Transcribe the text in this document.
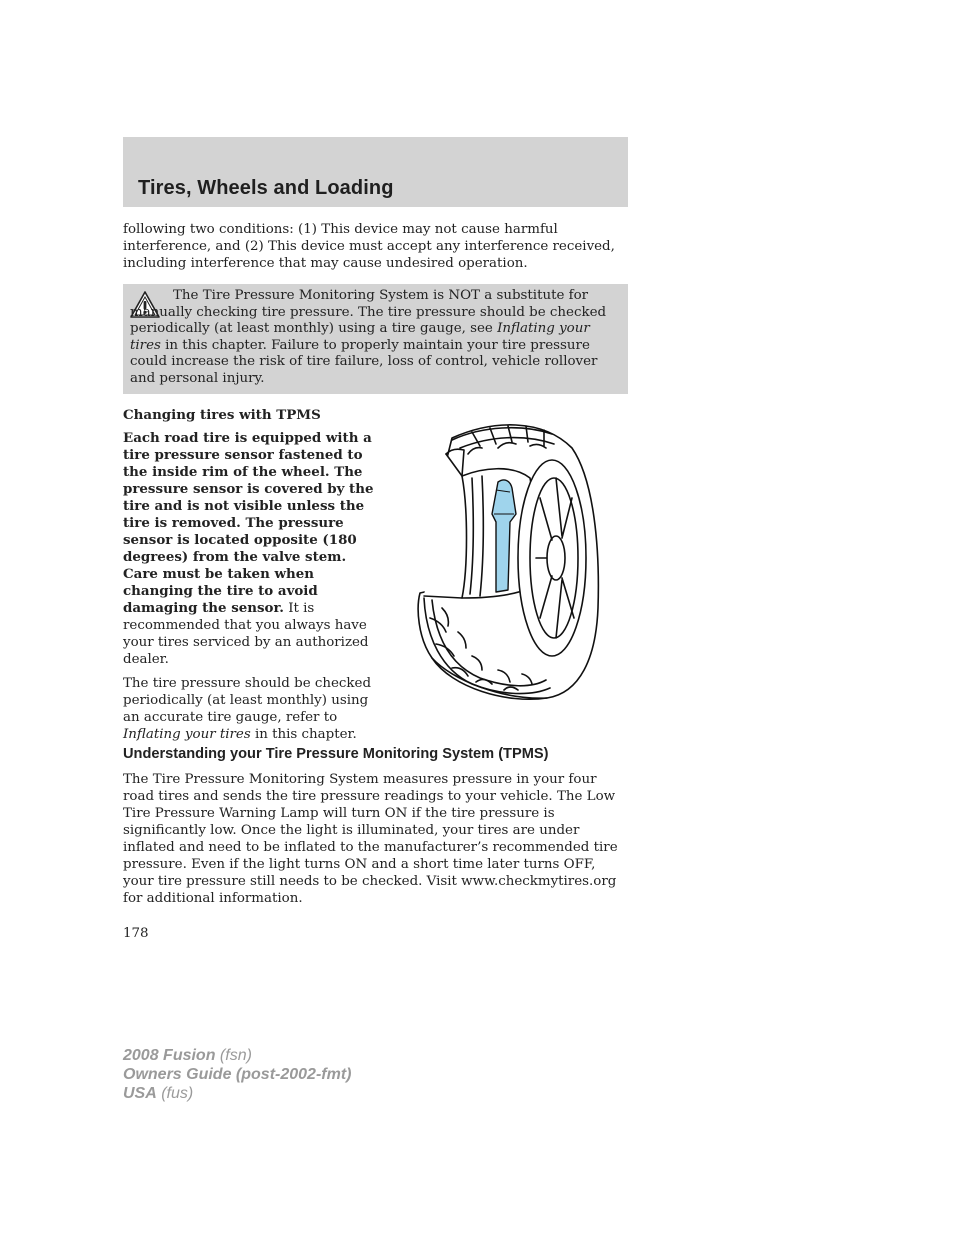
Tires, Wheels and Loading

following two conditions: (1) This device may not cause harmful interference, and (2) This device must accept any interference received, including interference that may cause undesired operation.

The Tire Pressure Monitoring System is NOT a substitute for manually checking tire pressure. The tire pressure should be checked periodically (at least monthly) using a tire gauge, see Inflating your tires in this chapter. Failure to properly maintain your tire pressure could increase the risk of tire failure, loss of control, vehicle rollover and personal injury.

Changing tires with TPMS

Each road tire is equipped with a tire pressure sensor fastened to the inside rim of the wheel. The pressure sensor is covered by the tire and is not visible unless the tire is removed. The pressure sensor is located opposite (180 degrees) from the valve stem. Care must be taken when changing the tire to avoid damaging the sensor. It is recommended that you always have your tires serviced by an authorized dealer.

The tire pressure should be checked periodically (at least monthly) using an accurate tire gauge, refer to Inflating your tires in this chapter.

Understanding your Tire Pressure Monitoring System (TPMS)

The Tire Pressure Monitoring System measures pressure in your four road tires and sends the tire pressure readings to your vehicle. The Low Tire Pressure Warning Lamp will turn ON if the tire pressure is significantly low. Once the light is illuminated, your tires are under inflated and need to be inflated to the manufacturer’s recommended tire pressure. Even if the light turns ON and a short time later turns OFF, your tire pressure still needs to be checked. Visit www.checkmytires.org for additional information.

178

2008 Fusion (fsn)
Owners Guide (post-2002-fmt)
USA (fus)
